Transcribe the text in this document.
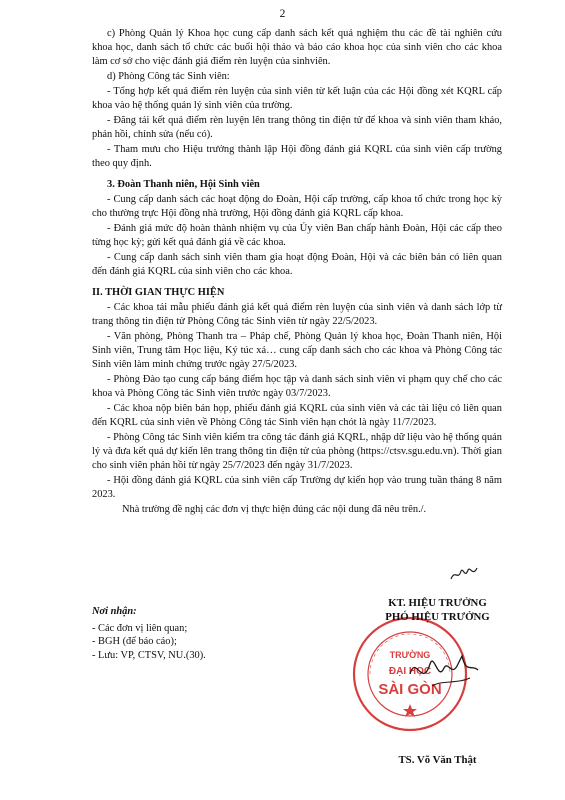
2

c) Phòng Quản lý Khoa học cung cấp danh sách kết quả nghiệm thu các đề tài nghiên cứu khoa học, danh sách tổ chức các buổi hội thảo và báo cáo khoa học của sinh viên cho các khoa làm cơ sở cho việc đánh giá điểm rèn luyện của sinhviên.

d) Phòng Công tác Sinh viên:

- Tổng hợp kết quả điểm rèn luyện của sinh viên từ kết luận của các Hội đồng xét KQRL cấp khoa vào hệ thống quản lý sinh viên của trường.

- Đăng tải kết quả điểm rèn luyện lên trang thông tin điện tử để khoa và sinh viên tham khảo, phản hồi, chỉnh sửa (nếu có).

- Tham mưu cho Hiệu trưởng thành lập Hội đồng đánh giá KQRL của sinh viên cấp trường theo quy định.

3. Đoàn Thanh niên, Hội Sinh viên

- Cung cấp danh sách các hoạt động do Đoàn, Hội cấp trường, cấp khoa tổ chức trong học kỳ cho thường trực Hội đồng nhà trường, Hội đồng đánh giá KQRL cấp khoa.

- Đánh giá mức độ hoàn thành nhiệm vụ của Ủy viên Ban chấp hành Đoàn, Hội các cấp theo từng học kỳ; gửi kết quả đánh giá về các khoa.

- Cung cấp danh sách sinh viên tham gia hoạt động Đoàn, Hội và các biên bản có liên quan đến đánh giá KQRL của sinh viên cho các khoa.

II. THỜI GIAN THỰC HIỆN

- Các khoa tải mẫu phiếu đánh giá kết quả điểm rèn luyện của sinh viên và danh sách lớp từ trang thông tin điện tử Phòng Công tác Sinh viên từ ngày 22/5/2023.

- Văn phòng, Phòng Thanh tra – Pháp chế, Phòng Quản lý khoa học, Đoàn Thanh niên, Hội Sinh viên, Trung tâm Học liệu, Ký túc xá… cung cấp danh sách cho các khoa và Phòng Công tác Sinh viên làm minh chứng trước ngày 27/5/2023.

- Phòng Đào tạo cung cấp bảng điểm học tập và danh sách sinh viên vi phạm quy chế cho các khoa và Phòng Công tác Sinh viên trước ngày 03/7/2023.

- Các khoa nộp biên bản họp, phiếu đánh giá KQRL của sinh viên và các tài liệu có liên quan đến KQRL của sinh viên về Phòng Công tác Sinh viên hạn chót là ngày 11/7/2023.

- Phòng Công tác Sinh viên kiểm tra công tác đánh giá KQRL, nhập dữ liệu vào hệ thống quản lý và đưa kết quả dự kiến lên trang thông tin điện tử của phòng (https://ctsv.sgu.edu.vn). Thời gian cho sinh viên phản hồi từ ngày 25/7/2023 đến ngày 31/7/2023.

- Hội đồng đánh giá KQRL của sinh viên cấp Trường dự kiến họp vào trung tuần tháng 8 năm 2023.

Nhà trường đề nghị các đơn vị thực hiện đúng các nội dung đã nêu trên./.

Nơi nhận:
- Các đơn vị liên quan;
- BGH (để báo cáo);
- Lưu: VP, CTSV, NU.(30).
KT. HIỆU TRƯỞNG
PHÓ HIỆU TRƯỞNG
TRƯỜNG
ĐẠI HỌC
SÀI GÒN
TS. Võ Văn Thật
